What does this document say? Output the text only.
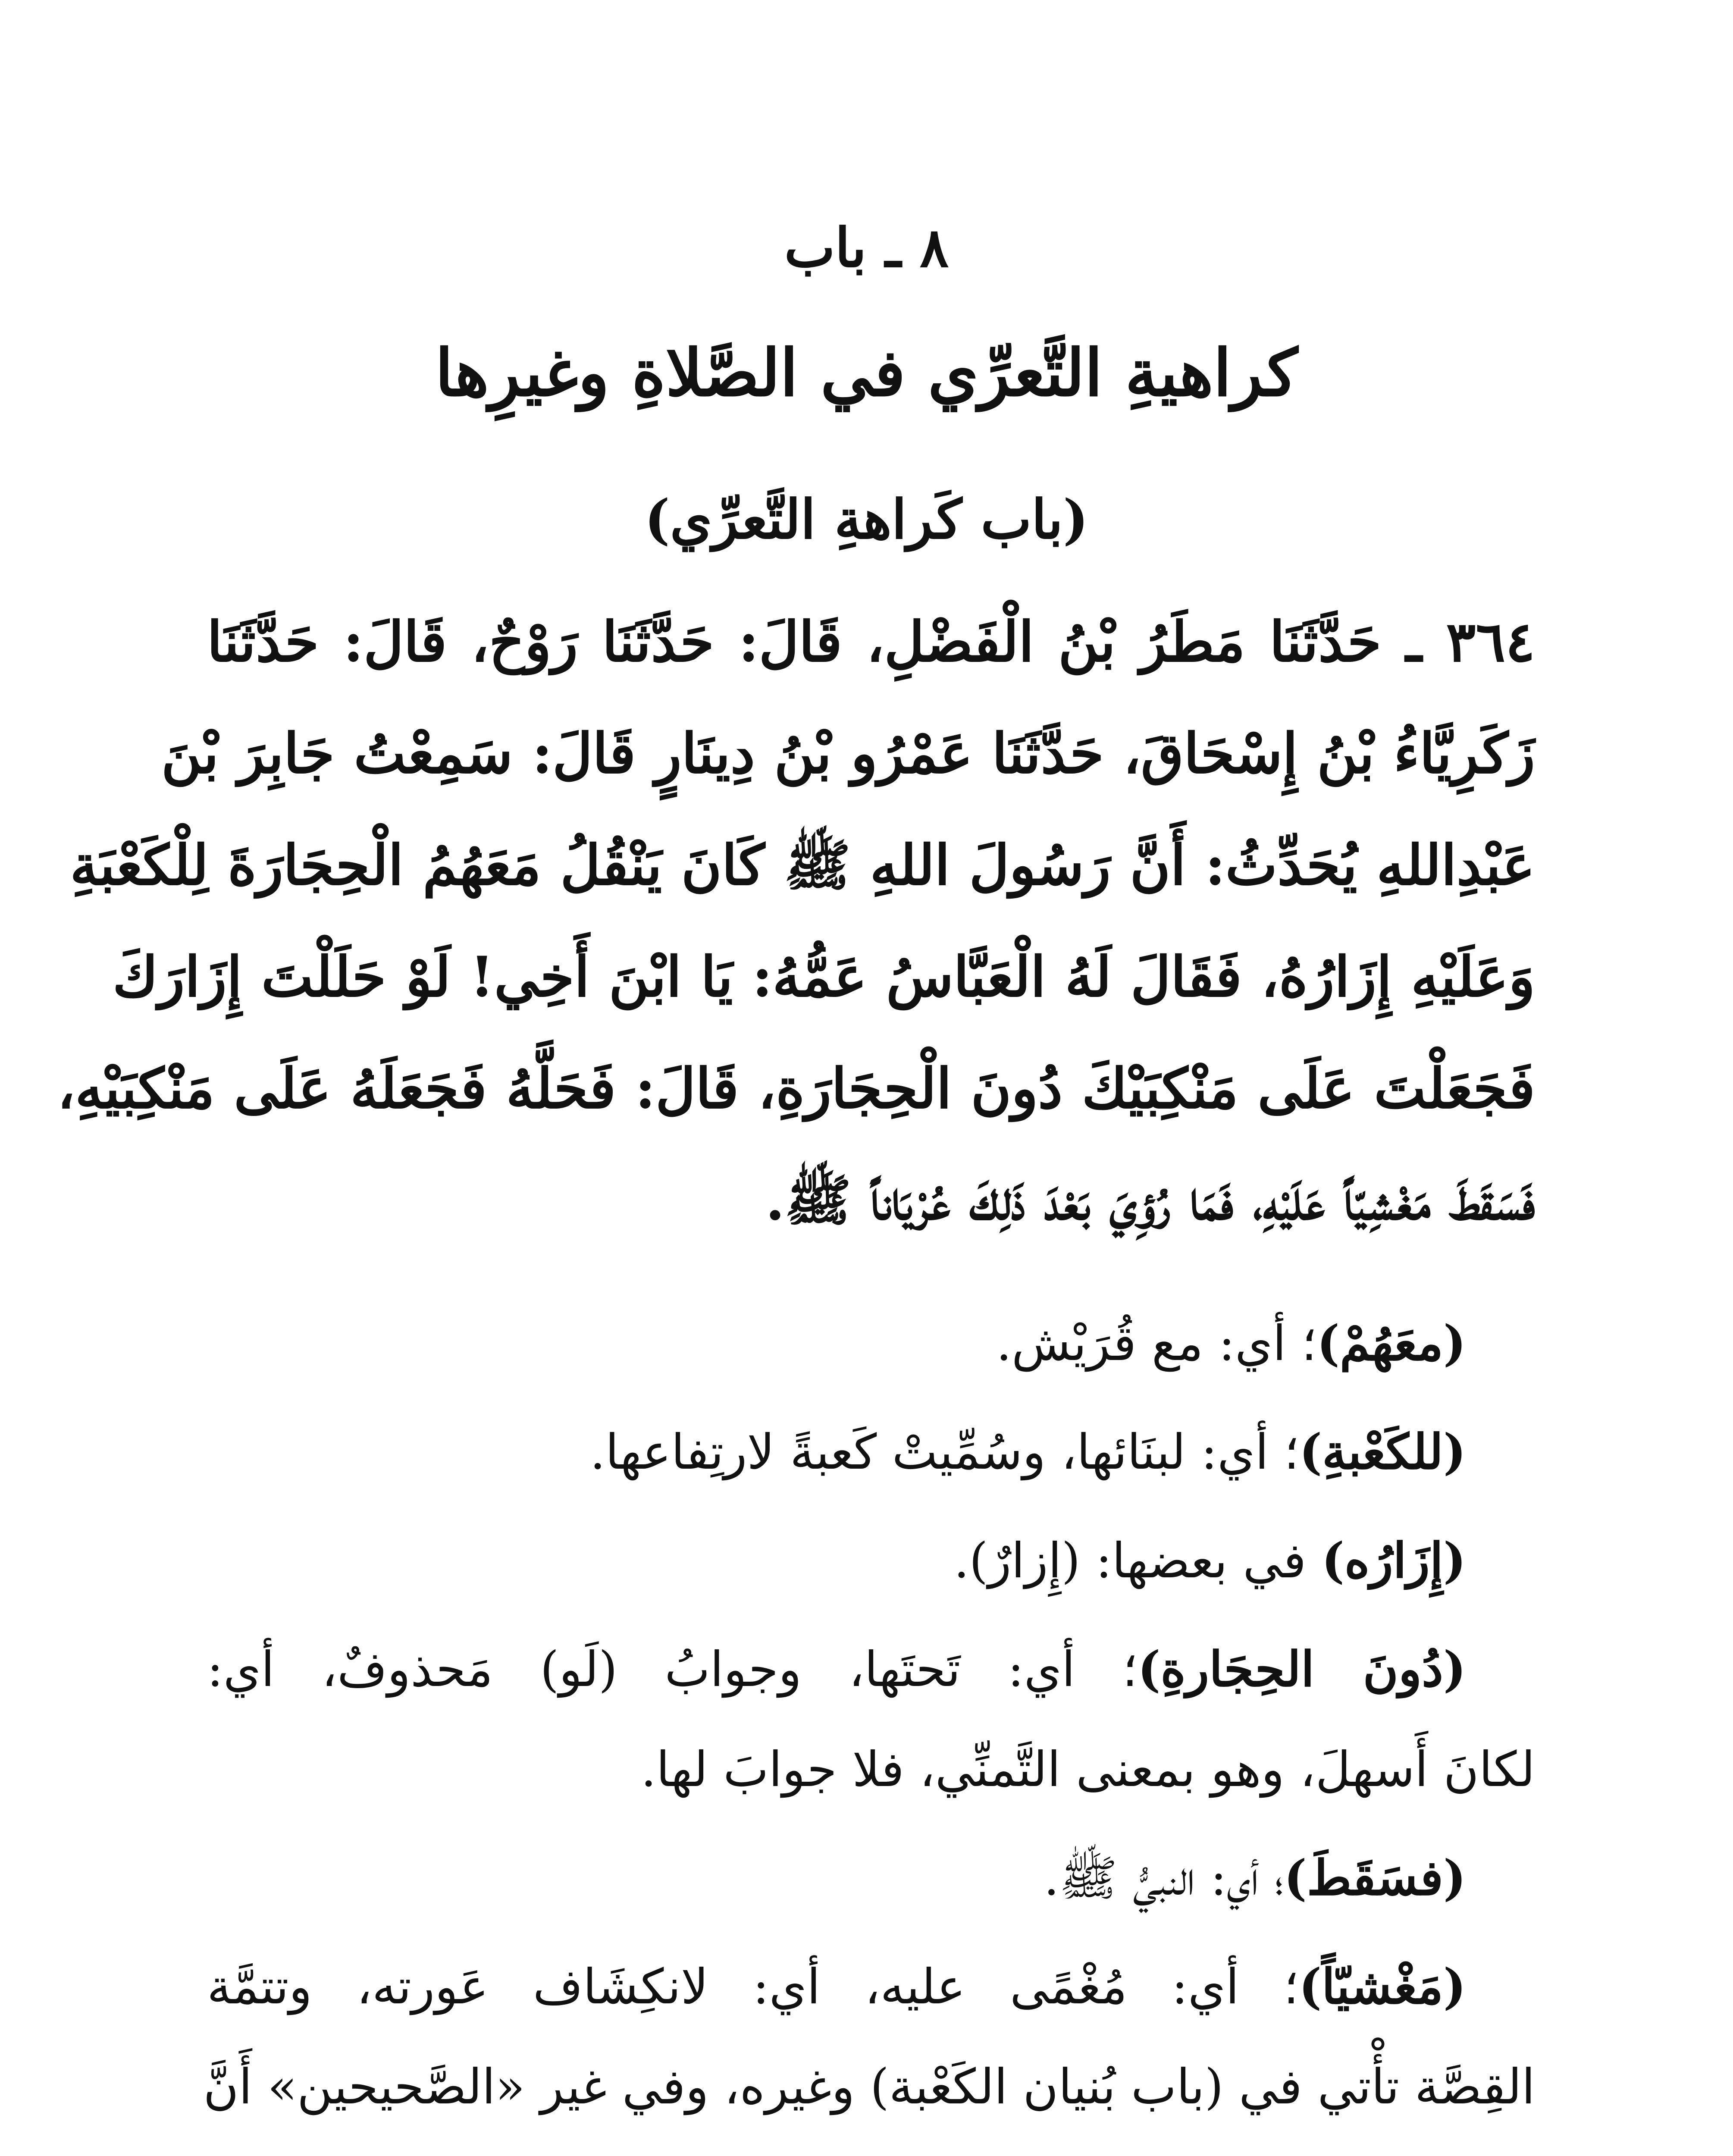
٨ ـ باب
كراهيةِ التَّعرِّي في الصَّلاةِ وغيرِها
(باب كَراهةِ التَّعرِّي)
٣٦٤ ـ حَدَّثَنَا مَطَرُ بْنُ الْفَضْلِ، قَالَ: حَدَّثَنَا رَوْحٌ، قَالَ: حَدَّثَنَا
زَكَرِيَّاءُ بْنُ إِسْحَاقَ، حَدَّثَنَا عَمْرُو بْنُ دِينَارٍ قَالَ: سَمِعْتُ جَابِرَ بْنَ
عَبْدِاللهِ يُحَدِّثُ: أَنَّ رَسُولَ اللهِ ﷺ كَانَ يَنْقُلُ مَعَهُمُ الْحِجَارَةَ لِلْكَعْبَةِ
وَعَلَيْهِ إِزَارُهُ، فَقَالَ لَهُ الْعَبَّاسُ عَمُّهُ: يَا ابْنَ أَخِي! لَوْ حَلَلْتَ إِزَارَكَ
فَجَعَلْتَ عَلَى مَنْكِبَيْكَ دُونَ الْحِجَارَةِ، قَالَ: فَحَلَّهُ فَجَعَلَهُ عَلَى مَنْكِبَيْهِ،
فَسَقَطَ مَغْشِيّاً عَلَيْهِ، فَمَا رُؤِيَ بَعْدَ ذَلِكَ عُرْيَاناً ﷺ.
(معَهُمْ)؛ أي: مع قُرَيْش.
(للكَعْبةِ)؛ أي: لبنَائها، وسُمِّيتْ كَعبةً لارتِفاعها.
(إِزَارُه) في بعضها: (إِزارٌ).
(دُونَ الحِجَارةِ)؛ أي: تَحتَها، وجوابُ (لَو) مَحذوفٌ، أي:
لكانَ أَسهلَ، وهو بمعنى التَّمنِّي، فلا جوابَ لها.
(فسَقَطَ)؛ أي: النبيُّ ﷺ.
(مَغْشيّاً)؛ أي: مُغْمًى عليه، أي: لانكِشَاف عَورته، وتتمَّة
القِصَّة تأْتي في (باب بُنيان الكَعْبة) وغيره، وفي غير «الصَّحيحين» أَنَّ
